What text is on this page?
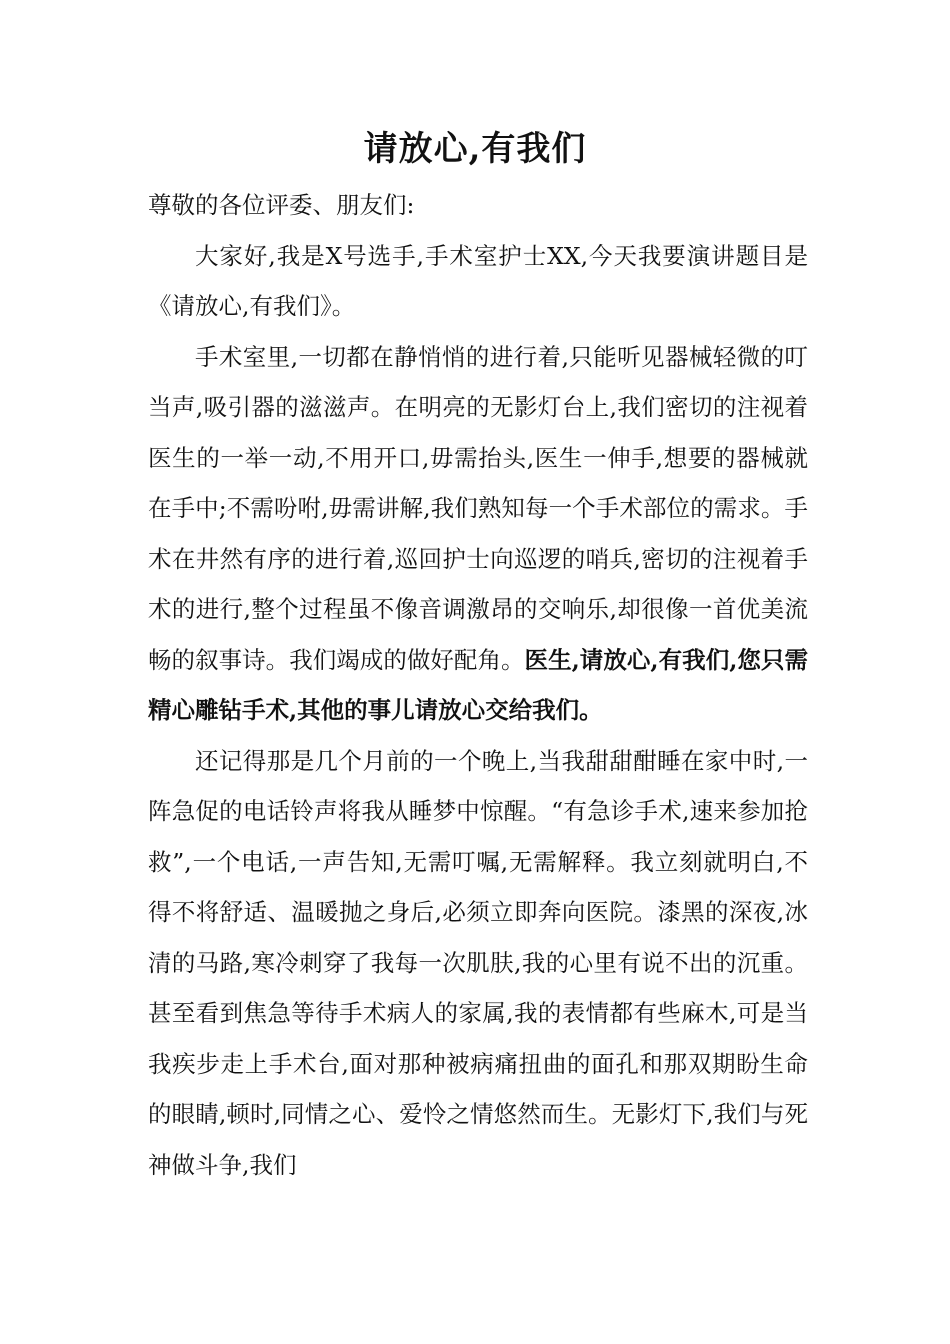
请放心,有我们

尊敬的各位评委、朋友们:

大家好,我是X号选手,手术室护士XX,今天我要演讲题目是《请放心,有我们》。

手术室里,一切都在静悄悄的进行着,只能听见器械轻微的叮当声,吸引器的滋滋声。在明亮的无影灯台上,我们密切的注视着医生的一举一动,不用开口,毋需抬头,医生一伸手,想要的器械就在手中;不需吩咐,毋需讲解,我们熟知每一个手术部位的需求。手术在井然有序的进行着,巡回护士向巡逻的哨兵,密切的注视着手术的进行,整个过程虽不像音调激昂的交响乐,却很像一首优美流畅的叙事诗。我们竭成的做好配角。医生,请放心,有我们,您只需精心雕钻手术,其他的事儿请放心交给我们。

还记得那是几个月前的一个晚上,当我甜甜酣睡在家中时,一阵急促的电话铃声将我从睡梦中惊醒。“有急诊手术,速来参加抢救”,一个电话,一声告知,无需叮嘱,无需解释。我立刻就明白,不得不将舒适、温暖抛之身后,必须立即奔向医院。漆黑的深夜,冰清的马路,寒冷刺穿了我每一次肌肤,我的心里有说不出的沉重。甚至看到焦急等待手术病人的家属,我的表情都有些麻木,可是当我疾步走上手术台,面对那种被病痛扭曲的面孔和那双期盼生命的眼睛,顿时,同情之心、爱怜之情悠然而生。无影灯下,我们与死神做斗争,我们
